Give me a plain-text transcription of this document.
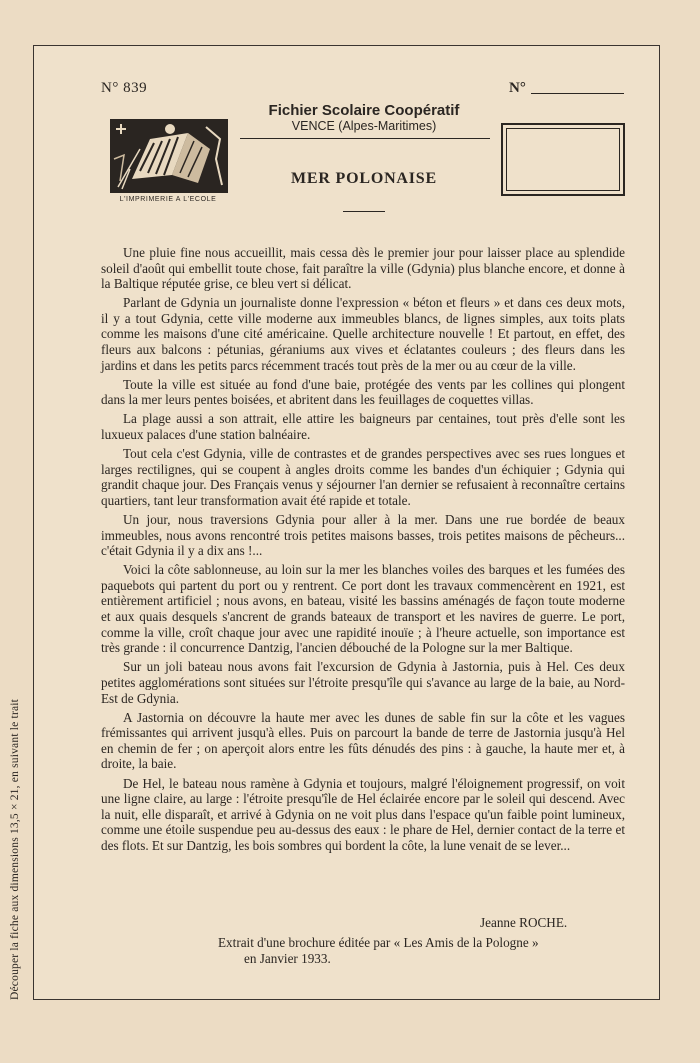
Découper la fiche aux dimensions 13,5 × 21, en suivant le trait
N° 839	N°
L'IMPRIMERIE A L'ECOLE
Fichier Scolaire Coopératif
VENCE (Alpes-Maritimes)
MER POLONAISE

Une pluie fine nous accueillit, mais cessa dès le premier jour pour laisser place au splendide soleil d'août qui embellit toute chose, fait paraître la ville (Gdynia) plus blanche encore, et donne à la Baltique réputée grise, ce bleu vert si délicat.

Parlant de Gdynia un journaliste donne l'expression « béton et fleurs » et dans ces deux mots, il y a tout Gdynia, cette ville moderne aux immeubles blancs, de lignes simples, aux toits plats comme les maisons d'une cité américaine. Quelle architecture nouvelle ! Et partout, en effet, des fleurs aux balcons : pétunias, géraniums aux vives et éclatantes couleurs ; des fleurs dans les jardins et dans les petits parcs récemment tracés tout près de la mer ou au cœur de la ville.

Toute la ville est située au fond d'une baie, protégée des vents par les collines qui plongent dans la mer leurs pentes boisées, et abritent dans les feuillages de coquettes villas.

La plage aussi a son attrait, elle attire les baigneurs par centaines, tout près d'elle sont les luxueux palaces d'une station balnéaire.

Tout cela c'est Gdynia, ville de contrastes et de grandes perspectives avec ses rues longues et larges rectilignes, qui se coupent à angles droits comme les bandes d'un échiquier ; Gdynia qui grandit chaque jour. Des Français venus y séjourner l'an dernier se refusaient à reconnaître certains quartiers, tant leur transformation avait été rapide et totale.

Un jour, nous traversions Gdynia pour aller à la mer. Dans une rue bordée de beaux immeubles, nous avons rencontré trois petites maisons basses, trois petites maisons de pêcheurs... c'était Gdynia il y a dix ans !...

Voici la côte sablonneuse, au loin sur la mer les blanches voiles des barques et les fumées des paquebots qui partent du port ou y rentrent. Ce port dont les travaux commencèrent en 1921, est entièrement artificiel ; nous avons, en bateau, visité les bassins aménagés de façon toute moderne et aux quais desquels s'ancrent de grands bateaux de transport et les navires de guerre. Le port, comme la ville, croît chaque jour avec une rapidité inouïe ; à l'heure actuelle, son importance est très grande : il concurrence Dantzig, l'ancien débouché de la Pologne sur la mer Baltique.

Sur un joli bateau nous avons fait l'excursion de Gdynia à Jastornia, puis à Hel. Ces deux petites agglomérations sont situées sur l'étroite presqu'île qui s'avance au large de la baie, au Nord-Est de Gdynia.

A Jastornia on découvre la haute mer avec les dunes de sable fin sur la côte et les vagues frémissantes qui arrivent jusqu'à elles. Puis on parcourt la bande de terre de Jastornia jusqu'à Hel en chemin de fer ; on aperçoit alors entre les fûts dénudés des pins : à gauche, la haute mer et, à droite, la baie.

De Hel, le bateau nous ramène à Gdynia et toujours, malgré l'éloignement progressif, on voit une ligne claire, au large : l'étroite presqu'île de Hel éclairée encore par le soleil qui descend. Avec la nuit, elle disparaît, et arrivé à Gdynia on ne voit plus dans l'espace qu'un faible point lumineux, comme une étoile suspendue peu au-dessus des eaux : le phare de Hel, dernier contact de la terre et des flots. Et sur Dantzig, les bois sombres qui bordent la côte, la lune venait de se lever...

Jeanne ROCHE.
Extrait d'une brochure éditée par « Les Amis de la Pologne »
en Janvier 1933.
